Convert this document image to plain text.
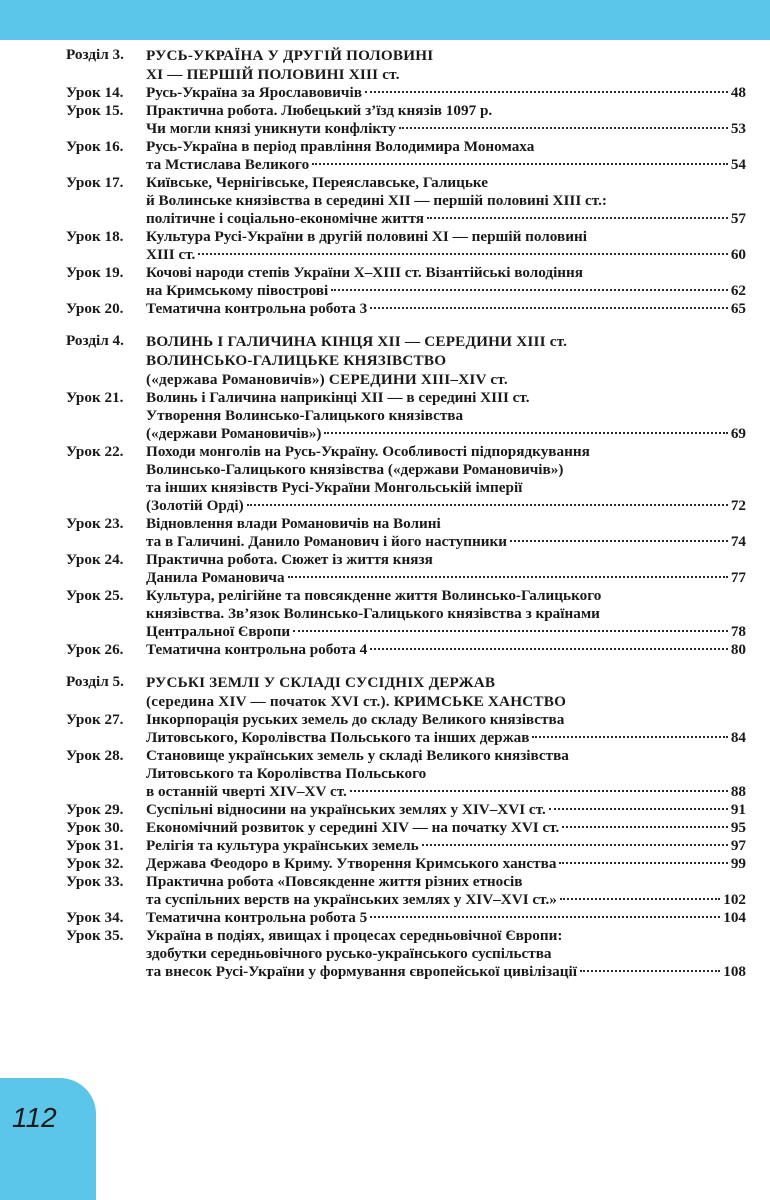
Розділ 3.	РУСЬ-УКРАЇНА У ДРУГІЙ ПОЛОВИНІ
XI — ПЕРШІЙ ПОЛОВИНІ XIII ст.
Урок 14.	Русь-Україна за Ярославовичів	48
Урок 15.	Практична робота. Любецький з’їзд князів 1097 р.
Чи могли князі уникнути конфлікту	53
Урок 16.	Русь-Україна в період правління Володимира Мономаха
та Мстислава Великого	54
Урок 17.	Київське, Чернігівське, Переяславське, Галицьке
й Волинське князівства в середині XII — першій половині XIII ст.:
політичне і соціально-економічне життя	57
Урок 18.	Культура Русі-України в другій половині XI — першій половині
XIII ст.	60
Урок 19.	Кочові народи степів України X–XIII ст. Візантійські володіння
на Кримському півострові	62
Урок 20.	Тематична контрольна робота 3	65
Розділ 4.	ВОЛИНЬ І ГАЛИЧИНА КІНЦЯ XII — СЕРЕДИНИ XIII ст.
ВОЛИНСЬКО-ГАЛИЦЬКЕ КНЯЗІВСТВО
(«держава Романовичів») СЕРЕДИНИ XIII–XIV ст.
Урок 21.	Волинь і Галичина наприкінці XII — в середині XIII ст.
Утворення Волинсько-Галицького князівства
(«держави Романовичів»)	69
Урок 22.	Походи монголів на Русь-Україну. Особливості підпорядкування
Волинсько-Галицького князівства («держави Романовичів»)
та інших князівств Русі-України Монгольській імперії
(Золотій Орді)	72
Урок 23.	Відновлення влади Романовичів на Волині
та в Галичині. Данило Романович і його наступники	74
Урок 24.	Практична робота. Сюжет із життя князя
Данила Романовича	77
Урок 25.	Культура, релігійне та повсякденне життя Волинсько-Галицького
князівства. Зв’язок Волинсько-Галицького князівства з країнами
Центральної Європи	78
Урок 26.	Тематична контрольна робота 4	80
Розділ 5.	РУСЬКІ ЗЕМЛІ У СКЛАДІ СУСІДНІХ ДЕРЖАВ
(середина XIV — початок XVI ст.). КРИМСЬКЕ ХАНСТВО
Урок 27.	Інкорпорація руських земель до складу Великого князівства
Литовського, Королівства Польського та інших держав	84
Урок 28.	Становище українських земель у складі Великого князівства
Литовського та Королівства Польського
в останній чверті XIV–XV ст.	88
Урок 29.	Суспільні відносини на українських землях у XIV–XVI ст.	91
Урок 30.	Економічний розвиток у середині XIV — на початку XVI ст.	95
Урок 31.	Релігія та культура українських земель	97
Урок 32.	Держава Феодоро в Криму. Утворення Кримського ханства	99
Урок 33.	Практична робота «Повсякденне життя різних етносів
та суспільних верств на українських землях у XIV–XVI ст.»	102
Урок 34.	Тематична контрольна робота 5	104
Урок 35.	Україна в подіях, явищах і процесах середньовічної Європи:
здобутки середньовічного русько-українського суспільства
та внесок Русі-України у формування європейської цивілізації	108
112
